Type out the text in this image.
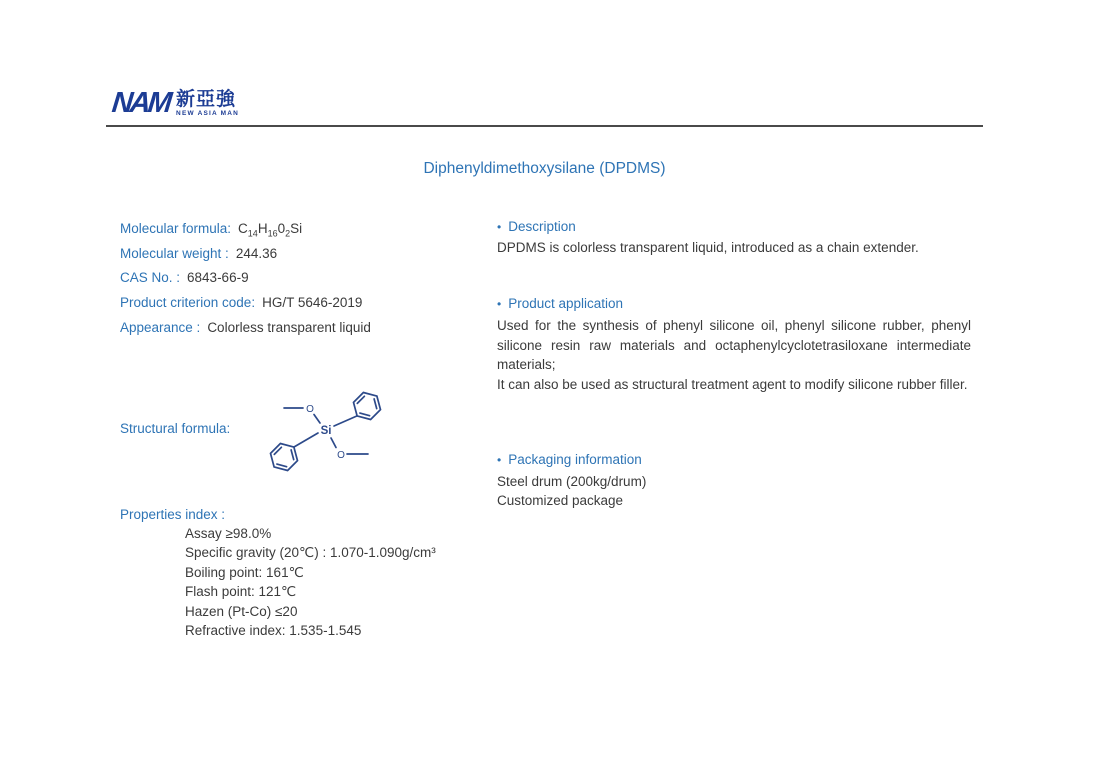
NAM 新亞強
NEW ASIA MAN
Diphenyldimethoxysilane (DPDMS)
Molecular formula: $C_{14}H_{16}0_2Si$
Molecular weight : 244.36
CAS No. : 6843-66-9
Product criterion code: HG/T 5646-2019
Appearance : Colorless transparent liquid
Structural formula:	Si
O
O
Properties index :
Assay ≥98.0%
Specific gravity (20℃) : 1.070-1.090g/cm³
Boiling point: 161℃
Flash point: 121℃
Hazen (Pt-Co) ≤20
Refractive index: 1.535-1.545
• Description
DPDMS is colorless transparent liquid, introduced as a chain extender.
• Product application
Used for the synthesis of phenyl silicone oil, phenyl silicone rubber, phenyl silicone resin raw materials and octaphenylcyclotetrasiloxane intermediate materials;
It can also be used as structural treatment agent to modify silicone rubber filler.
• Packaging information
Steel drum (200kg/drum)
Customized package
